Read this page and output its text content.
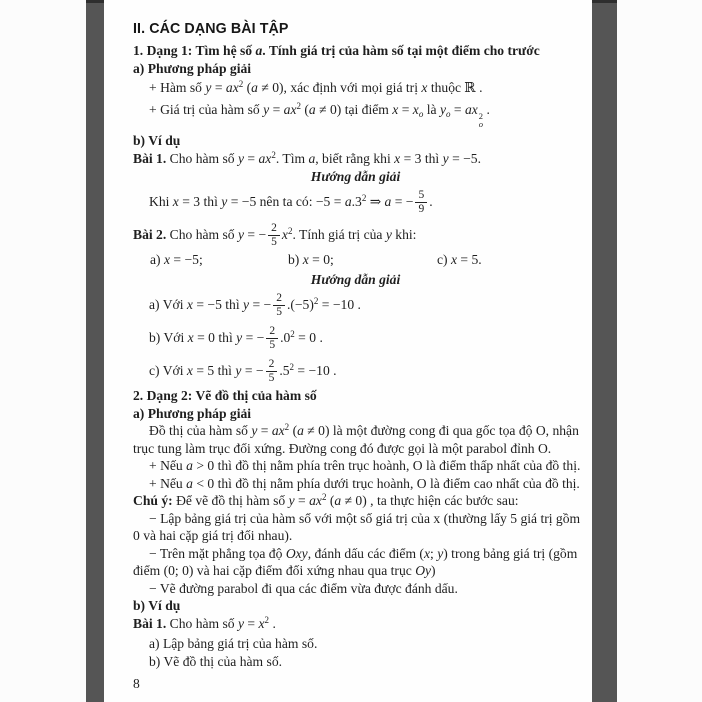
II. CÁC DẠNG BÀI TẬP
1. Dạng 1: Tìm hệ số a. Tính giá trị của hàm số tại một điểm cho trước
a) Phương pháp giải
+ Hàm số $y = ax^2$ (a ≠ 0), xác định với mọi giá trị x thuộc ℝ .
+ Giá trị của hàm số $y = ax^2$ (a ≠ 0) tại điểm $x = x_o$ là $y_o$ = ax 2
o
.
b) Ví dụ
Bài 1. Cho hàm số $y = ax^2$. Tìm a, biết rằng khi x = 3 thì y = −5.
Hướng dẫn giải
Khi x = 3 thì y = −5 nên ta có: $-5 = a.3^2$ ⇒ a = − $\frac{5}{9}$ .
Bài 2. Cho hàm số y = − $\frac{2}{5} x^2$. Tính giá trị của y khi:
a) x = −5;	b) x = 0;	c) x = 5.
Hướng dẫn giải
a) Với x = −5 thì y = − $\frac{2}{5} .(-5)^2 = -10$ .
b) Với x = 0 thì y = − $\frac{2}{5} .0^2 = 0$ .
c) Với x = 5 thì y = − $\frac{2}{5} .5^2 = -10$ .
2. Dạng 2: Vẽ đồ thị của hàm số
a) Phương pháp giải
Đồ thị của hàm số $y = ax^2$ (a ≠ 0) là một đường cong đi qua gốc tọa độ O, nhận
trục tung làm trục đối xứng. Đường cong đó được gọi là một parabol đỉnh O.
+ Nếu a > 0 thì đồ thị nằm phía trên trục hoành, O là điểm thấp nhất của đồ thị.
+ Nếu a < 0 thì đồ thị nằm phía dưới trục hoành, O là điểm cao nhất của đồ thị.
Chú ý: Để vẽ đồ thị hàm số $y = ax^2$ (a ≠ 0) , ta thực hiện các bước sau:
− Lập bảng giá trị của hàm số với một số giá trị của x (thường lấy 5 giá trị gồm
0 và hai cặp giá trị đối nhau).
− Trên mặt phẳng tọa độ Oxy, đánh dấu các điểm (x; y) trong bảng giá trị (gồm
điểm (0; 0) và hai cặp điểm đối xứng nhau qua trục Oy)
− Vẽ đường parabol đi qua các điểm vừa được đánh dấu.
b) Ví dụ
Bài 1. Cho hàm số $y = x^2$ .
a) Lập bảng giá trị của hàm số.
b) Vẽ đồ thị của hàm số.
8
